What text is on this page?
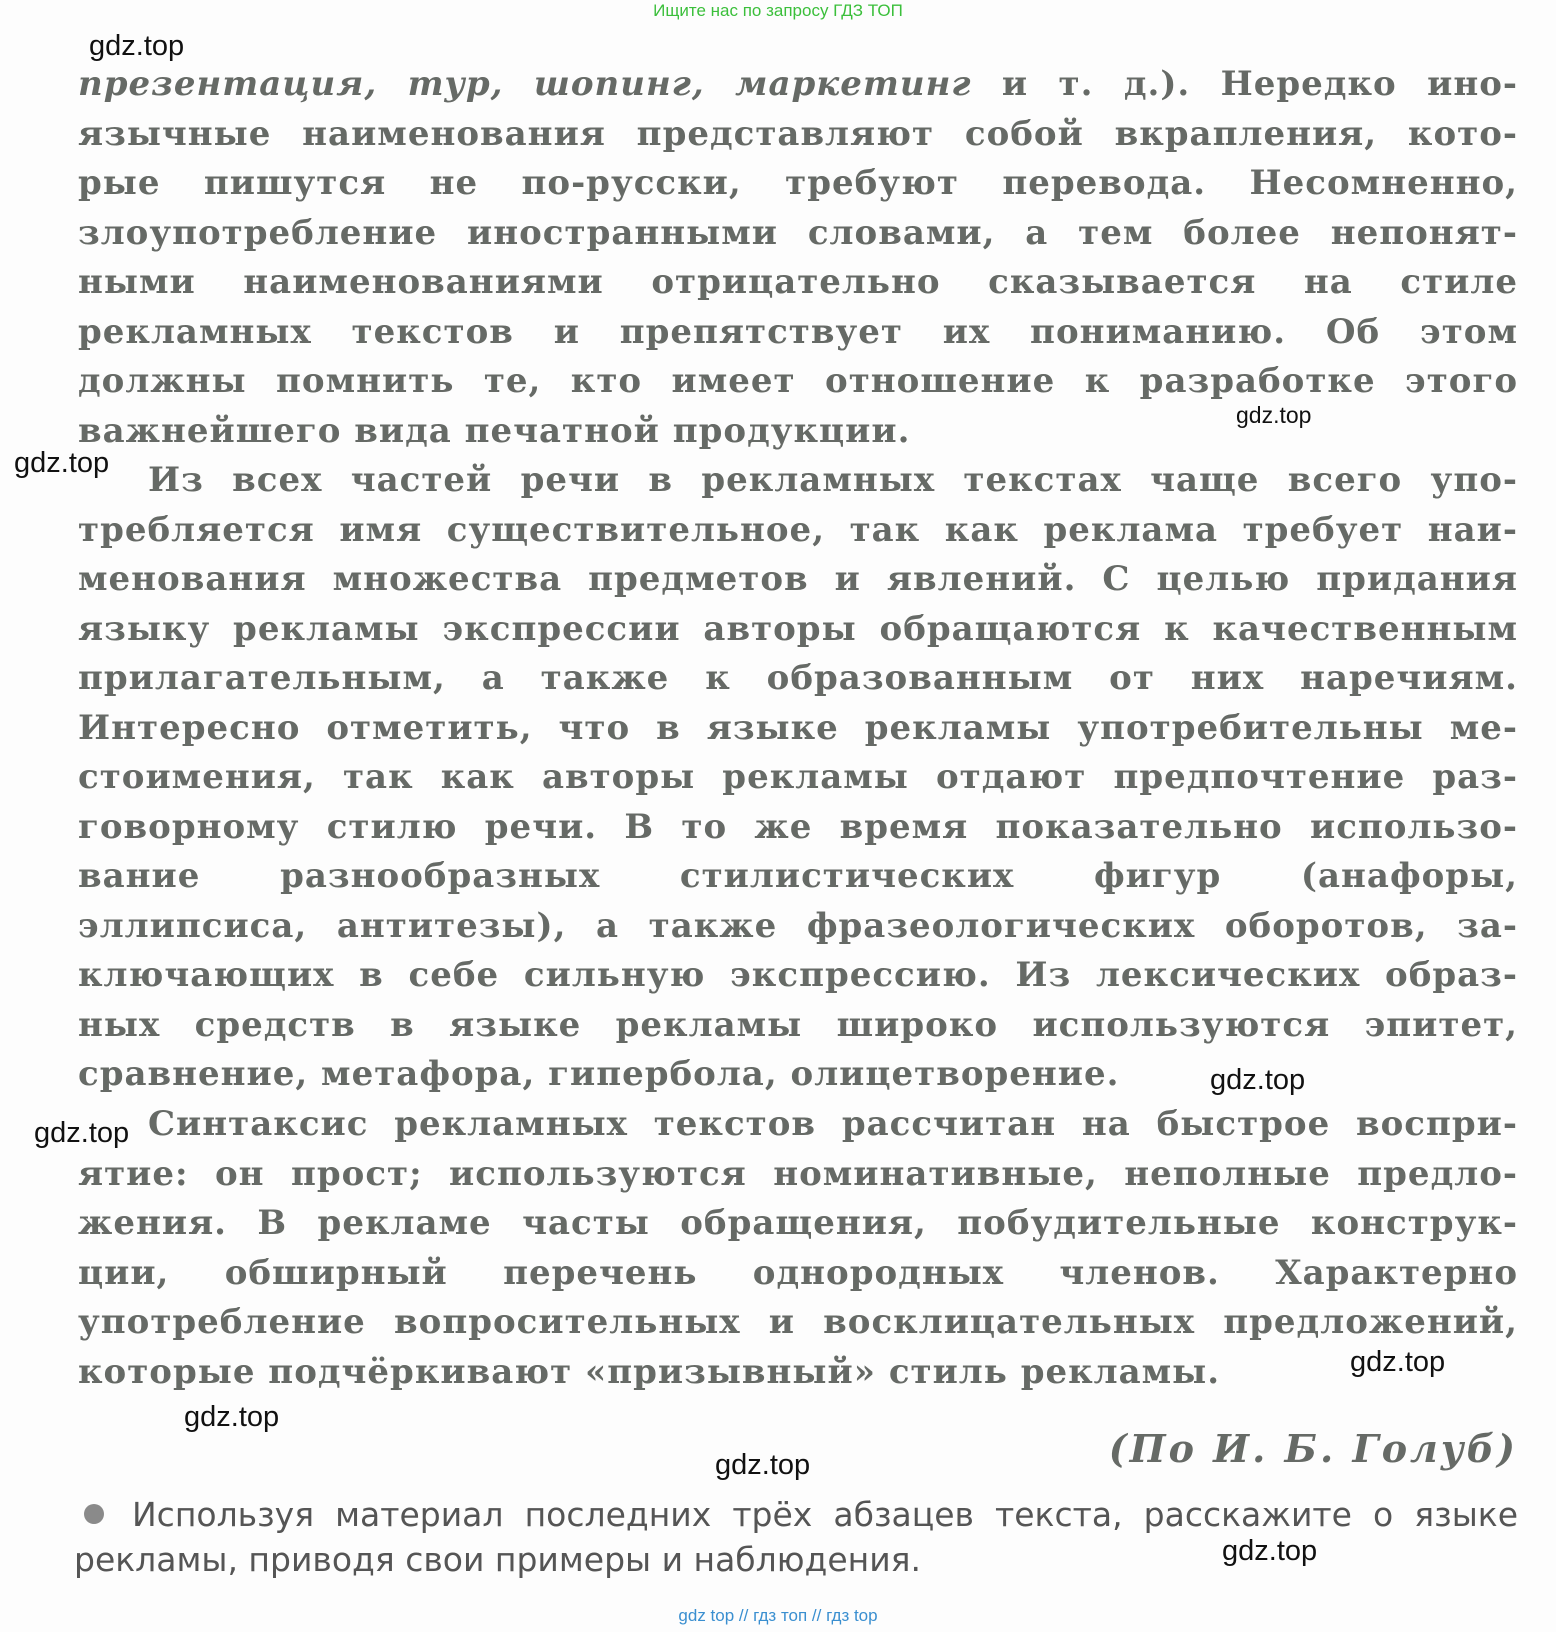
Ищите нас по запросу ГДЗ ТОП
презентация, тур, шопинг, маркетинг и т. д.). Нередко ино-
язычные наименования представляют собой вкрапления, кото-
рые пишутся не по-русски, требуют перевода. Несомненно,
злоупотребление иностранными словами, а тем более непонят-
ными наименованиями отрицательно сказывается на стиле
рекламных текстов и препятствует их пониманию. Об этом
должны помнить те, кто имеет отношение к разработке этого
важнейшего вида печатной продукции.
Из всех частей речи в рекламных текстах чаще всего упо-
требляется имя существительное, так как реклама требует наи-
менования множества предметов и явлений. С целью придания
языку рекламы экспрессии авторы обращаются к качественным
прилагательным, а также к образованным от них наречиям.
Интересно отметить, что в языке рекламы употребительны ме-
стоимения, так как авторы рекламы отдают предпочтение раз-
говорному стилю речи. В то же время показательно использо-
вание разнообразных стилистических фигур (анафоры,
эллипсиса, антитезы), а также фразеологических оборотов, за-
ключающих в себе сильную экспрессию. Из лексических образ-
ных средств в языке рекламы широко используются эпитет,
сравнение, метафора, гипербола, олицетворение.
Синтаксис рекламных текстов рассчитан на быстрое воспри-
ятие: он прост; используются номинативные, неполные предло-
жения. В рекламе часты обращения, побудительные конструк-
ции, обширный перечень однородных членов. Характерно
употребление вопросительных и восклицательных предложений,
которые подчёркивают «призывный» стиль рекламы.
(По И. Б. Голуб)
Используя материал последних трёх абзацев текста, расскажите о языке
рекламы, приводя свои примеры и наблюдения.
gdz.top
gdz.top
gdz.top
gdz.top
gdz.top
gdz.top
gdz.top
gdz.top
gdz.top
gdz top // гдз топ // гдз top
